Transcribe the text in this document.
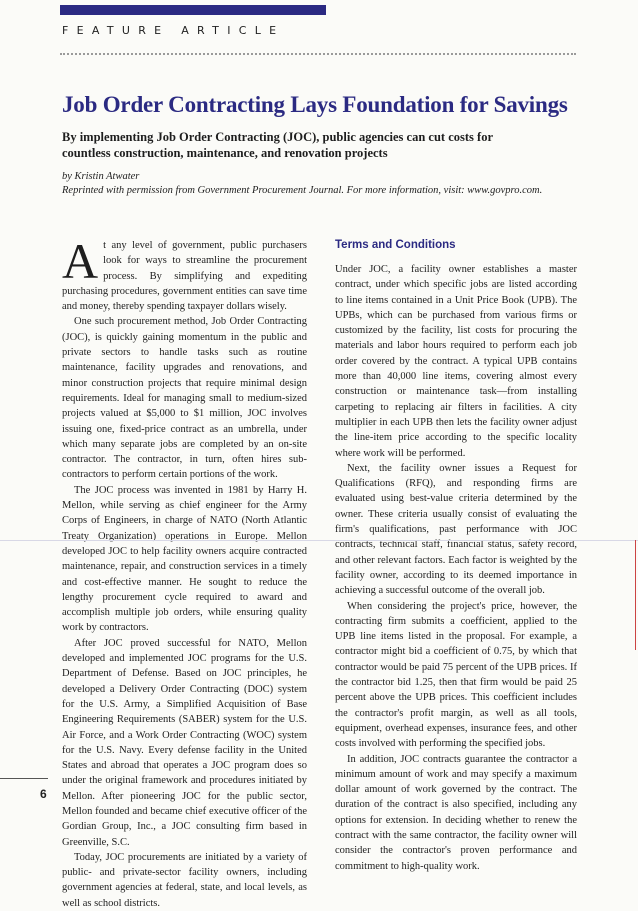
FEATURE ARTICLE
Job Order Contracting Lays Foundation for Savings

By implementing Job Order Contracting (JOC), public agencies can cut costs for countless construction, maintenance, and renovation projects

by Kristin Atwater
Reprinted with permission from Government Procurement Journal. For more information, visit: www.govpro.com.

At any level of government, public purchasers look for ways to streamline the procurement process. By simplifying and expediting purchasing procedures, government entities can save time and money, thereby spending taxpayer dollars wisely.

One such procurement method, Job Order Contracting (JOC), is quickly gaining momentum in the public and private sectors to handle tasks such as routine maintenance, facility upgrades and renovations, and minor construction projects that require minimal design requirements. Ideal for managing small to medium-sized projects valued at $5,000 to $1 million, JOC involves issuing one, fixed-price contract as an umbrella, under which many separate jobs are completed by an on-site contractor. The contractor, in turn, often hires sub-contractors to perform certain portions of the work.

The JOC process was invented in 1981 by Harry H. Mellon, while serving as chief engineer for the Army Corps of Engineers, in charge of NATO (North Atlantic Treaty Organization) operations in Europe. Mellon developed JOC to help facility owners acquire contracted maintenance, repair, and construction services in a timely and cost-effective manner. He sought to reduce the lengthy procurement cycle required to award and accomplish multiple job orders, while ensuring quality work by contractors.

After JOC proved successful for NATO, Mellon developed and implemented JOC programs for the U.S. Department of Defense. Based on JOC principles, he developed a Delivery Order Contracting (DOC) system for the U.S. Army, a Simplified Acquisition of Base Engineering Requirements (SABER) system for the U.S. Air Force, and a Work Order Contracting (WOC) system for the U.S. Navy. Every defense facility in the United States and abroad that operates a JOC program does so under the original framework and procedures initiated by Mellon. After pioneering JOC for the public sector, Mellon founded and became chief executive officer of the Gordian Group, Inc., a JOC consulting firm based in Greenville, S.C.

Today, JOC procurements are initiated by a variety of public- and private-sector facility owners, including government agencies at federal, state, and local levels, as well as school districts.

Terms and Conditions

Under JOC, a facility owner establishes a master contract, under which specific jobs are listed according to line items contained in a Unit Price Book (UPB). The UPBs, which can be purchased from various firms or customized by the facility, list costs for procuring the materials and labor hours required to perform each job order covered by the contract. A typical UPB contains more than 40,000 line items, covering almost every construction or maintenance task—from installing carpeting to replacing air filters in facilities. A city multiplier in each UPB then lets the facility owner adjust the line-item price according to the specific locality where work will be performed.

Next, the facility owner issues a Request for Qualifications (RFQ), and responding firms are evaluated using best-value criteria determined by the owner. These criteria usually consist of evaluating the firm's qualifications, past performance with JOC contracts, technical staff, financial status, safety record, and other relevant factors. Each factor is weighted by the facility owner, according to its deemed importance in achieving a successful outcome of the overall job.

When considering the project's price, however, the contracting firm submits a coefficient, applied to the UPB line items listed in the proposal. For example, a contractor might bid a coefficient of 0.75, by which that contractor would be paid 75 percent of the UPB prices. If the contractor bid 1.25, then that firm would be paid 25 percent above the UPB prices. This coefficient includes the contractor's profit margin, as well as all tools, equipment, overhead expenses, insurance fees, and other costs involved with performing the specified jobs.

In addition, JOC contracts guarantee the contractor a minimum amount of work and may specify a maximum dollar amount of work governed by the contract. The duration of the contract is also specified, including any options for extension. In deciding whether to renew the contract with the same contractor, the facility owner will consider the contractor's proven performance and commitment to high-quality work.

6
